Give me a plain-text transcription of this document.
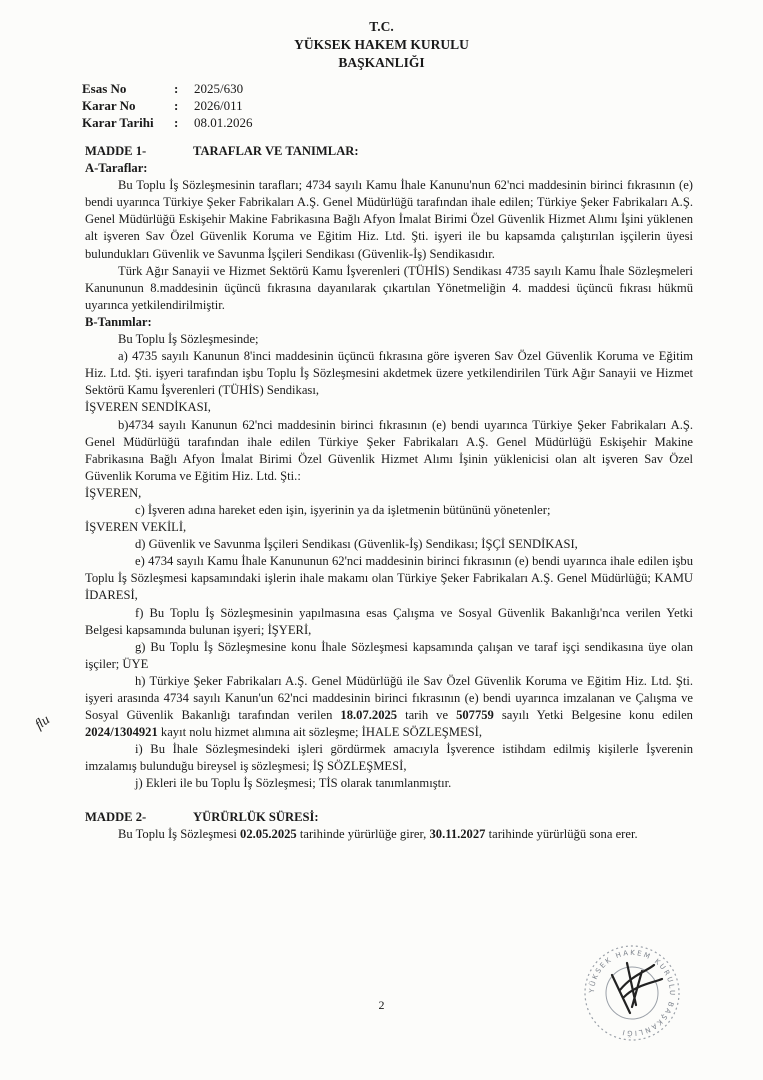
T.C.
YÜKSEK HAKEM KURULU
BAŞKANLIĞI
Esas No	:	2025/630
Karar No	:	2026/011
Karar Tarihi	:	08.01.2026

MADDE 1-	TARAFLAR VE TANIMLAR:

A-Taraflar:

Bu Toplu İş Sözleşmesinin tarafları; 4734 sayılı Kamu İhale Kanunu'nun 62'nci maddesinin birinci fıkrasının (e) bendi uyarınca Türkiye Şeker Fabrikaları A.Ş. Genel Müdürlüğü tarafından ihale edilen; Türkiye Şeker Fabrikaları A.Ş. Genel Müdürlüğü Eskişehir Makine Fabrikasına Bağlı Afyon İmalat Birimi Özel Güvenlik Hizmet Alımı İşini yüklenen alt işveren Sav Özel Güvenlik Koruma ve Eğitim Hiz. Ltd. Şti. işyeri ile bu kapsamda çalıştırılan işçilerin üyesi bulundukları Güvenlik ve Savunma İşçileri Sendikası (Güvenlik-İş) Sendikasıdır.

Türk Ağır Sanayii ve Hizmet Sektörü Kamu İşverenleri (TÜHİS) Sendikası 4735 sayılı Kamu İhale Sözleşmeleri Kanununun 8.maddesinin üçüncü fıkrasına dayanılarak çıkartılan Yönetmeliğin 4. maddesi üçüncü fıkrası hükmü uyarınca yetkilendirilmiştir.

B-Tanımlar:

Bu Toplu İş Sözleşmesinde;

a) 4735 sayılı Kanunun 8'inci maddesinin üçüncü fıkrasına göre işveren Sav Özel Güvenlik Koruma ve Eğitim Hiz. Ltd. Şti. işyeri tarafından işbu Toplu İş Sözleşmesini akdetmek üzere yetkilendirilen Türk Ağır Sanayii ve Hizmet Sektörü Kamu İşverenleri (TÜHİS) Sendikası,

İŞVEREN SENDİKASI,

b)4734 sayılı Kanunun 62'nci maddesinin birinci fıkrasının (e) bendi uyarınca Türkiye Şeker Fabrikaları A.Ş. Genel Müdürlüğü tarafından ihale edilen Türkiye Şeker Fabrikaları A.Ş. Genel Müdürlüğü Eskişehir Makine Fabrikasına Bağlı Afyon İmalat Birimi Özel Güvenlik Hizmet Alımı İşinin yüklenicisi olan alt işveren Sav Özel Güvenlik Koruma ve Eğitim Hiz. Ltd. Şti.:

İŞVEREN,

c) İşveren adına hareket eden işin, işyerinin ya da işletmenin bütününü yönetenler;

İŞVEREN VEKİLİ,

d) Güvenlik ve Savunma İşçileri Sendikası (Güvenlik-İş) Sendikası; İŞÇİ SENDİKASI,

e) 4734 sayılı Kamu İhale Kanununun 62'nci maddesinin birinci fıkrasının (e) bendi uyarınca ihale edilen işbu Toplu İş Sözleşmesi kapsamındaki işlerin ihale makamı olan Türkiye Şeker Fabrikaları A.Ş. Genel Müdürlüğü; KAMU İDARESİ,

f) Bu Toplu İş Sözleşmesinin yapılmasına esas Çalışma ve Sosyal Güvenlik Bakanlığı'nca verilen Yetki Belgesi kapsamında bulunan işyeri; İŞYERİ,

g) Bu Toplu İş Sözleşmesine konu İhale Sözleşmesi kapsamında çalışan ve taraf işçi sendikasına üye olan işçiler; ÜYE

h) Türkiye Şeker Fabrikaları A.Ş. Genel Müdürlüğü ile Sav Özel Güvenlik Koruma ve Eğitim Hiz. Ltd. Şti. işyeri arasında 4734 sayılı Kanun'un 62'nci maddesinin birinci fıkrasının (e) bendi uyarınca imzalanan ve Çalışma ve Sosyal Güvenlik Bakanlığı tarafından verilen 18.07.2025 tarih ve 507759 sayılı Yetki Belgesine konu edilen 2024/1304921 kayıt nolu hizmet alımına ait sözleşme; İHALE SÖZLEŞMESİ,

i) Bu İhale Sözleşmesindeki işleri gördürmek amacıyla İşverence istihdam edilmiş kişilerle İşverenin imzalamış bulunduğu bireysel iş sözleşmesi; İŞ SÖZLEŞMESİ,

j) Ekleri ile bu Toplu İş Sözleşmesi; TİS olarak tanımlanmıştır.

MADDE 2-	YÜRÜRLÜK SÜRESİ:

Bu Toplu İş Sözleşmesi 02.05.2025 tarihinde yürürlüğe girer, 30.11.2027 tarihinde yürürlüğü sona erer.

ﬂu
YÜKSEK HAKEM KURULU BAŞKANLIĞI
2
